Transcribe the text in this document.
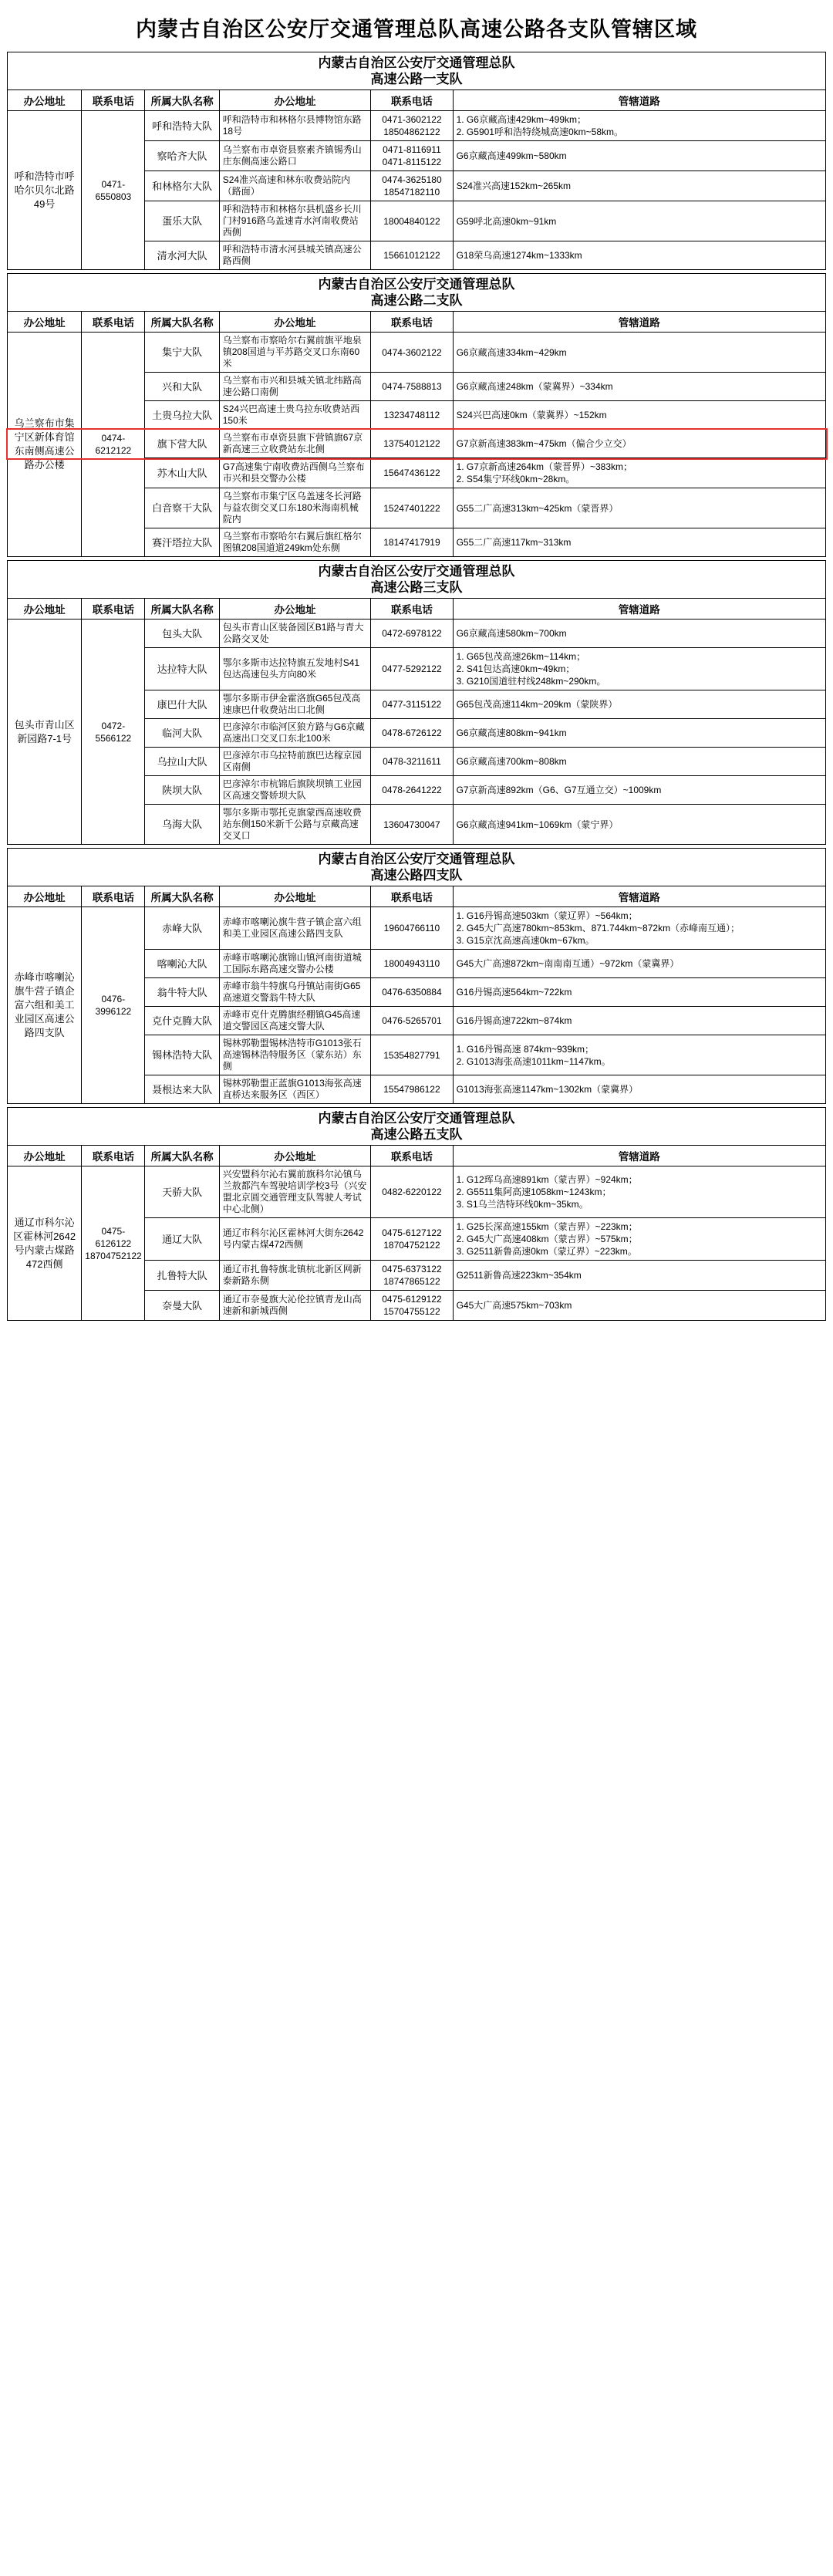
内蒙古自治区公安厅交通管理总队高速公路各支队管辖区域
内蒙古自治区公安厅交通管理总队
高速公路一支队					
办公地址	联系电话	所属大队名称	办公地址	联系电话	管辖道路
呼和浩特市呼哈尔贝尔北路49号	0471-6550803	呼和浩特大队	呼和浩特市和林格尔县博物馆东路18号	0471-3602122
18504862122	1. G6京藏高速429km~499km；
2. G5901呼和浩特绕城高速0km~58km。
		察哈齐大队	乌兰察布市卓资县察素齐镇锡秀山庄东侧高速公路口	0471-8116911
0471-8115122	G6京藏高速499km~580km
		和林格尔大队	S24准兴高速和林东收费站院内（路面）	0474-3625180
18547182110	S24准兴高速152km~265km
		蛋乐大队	呼和浩特市和林格尔县机盛乡长川门村916路乌盖速青水河南收费站西侧	18004840122	G59呼北高速0km~91km
		清水河大队	呼和浩特市清水河县城关镇高速公路西侧	15661012122	G18荣乌高速1274km~1333km
内蒙古自治区公安厅交通管理总队
高速公路二支队					
办公地址	联系电话	所属大队名称	办公地址	联系电话	管辖道路
乌兰察布市集宁区新体育馆东南侧高速公路办公楼	0474-6212122	集宁大队	乌兰察布市察哈尔右翼前旗平地泉镇208国道与平苏路交叉口东南60米	0474-3602122	G6京藏高速334km~429km
		兴和大队	乌兰察布市兴和县城关镇北纬路高速公路口南侧	0474-7588813	G6京藏高速248km（蒙冀界）~334km
		土贵乌拉大队	S24兴巴高速土贵乌拉东收费站西150米	13234748112	S24兴巴高速0km（蒙冀界）~152km
		旗下营大队	乌兰察布市卓资县旗下营镇旗67京新高速三立收费站东北侧	13754012122	G7京新高速383km~475km（偏合少立交）
		苏木山大队	G7高速集宁南收费站西侧乌兰察布市兴和县交警办公楼	15647436122	1. G7京新高速264km（蒙晋界）~383km；
2. S54集宁环线0km~28km。
		白音察干大队	乌兰察布市集宁区乌盖速冬长河路与益农街交叉口东180米海南机械院内	15247401222	G55二广高速313km~425km（蒙晋界）
		赛汗塔拉大队	乌兰察布市察哈尔右翼后旗红格尔图镇208国道道249km处东侧	18147417919	G55二广高速117km~313km
内蒙古自治区公安厅交通管理总队
高速公路三支队					
办公地址	联系电话	所属大队名称	办公地址	联系电话	管辖道路
包头市青山区新园路7-1号	0472-5566122	包头大队	包头市青山区装备园区B1路与青大公路交叉处	0472-6978122	G6京藏高速580km~700km
		达拉特大队	鄂尔多斯市达拉特旗五发地村S41包达高速包头方向80米	0477-5292122	1. G65包茂高速26km~114km；
2. S41包达高速0km~49km；
3. G210国道驻村线248km~290km。
		康巴什大队	鄂尔多斯市伊金霍洛旗G65包茂高速康巴什收费站出口北侧	0477-3115122	G65包茂高速114km~209km（蒙陕界）
		临河大队	巴彦淖尔市临河区狼方路与G6京藏高速出口交叉口东北100米	0478-6726122	G6京藏高速808km~941km
		乌拉山大队	巴彦淖尔市乌拉特前旗巴达稼京园区南侧	0478-3211611	G6京藏高速700km~808km
		陕坝大队	巴彦淖尔市杭锦后旗陕坝镇工业园区高速交警娇坝大队	0478-2641222	G7京新高速892km（G6、G7互通立交）~1009km
		乌海大队	鄂尔多斯市鄂托克旗蒙西高速收费站东侧150米新千公路与京藏高速交叉口	13604730047	G6京藏高速941km~1069km（蒙宁界）
内蒙古自治区公安厅交通管理总队
高速公路四支队					
办公地址	联系电话	所属大队名称	办公地址	联系电话	管辖道路
赤峰市喀喇沁旗牛营子镇企富六组和美工业园区高速公路四支队	0476-3996122	赤峰大队	赤峰市喀喇沁旗牛营子镇企富六组和美工业园区高速公路四支队	19604766110	1. G16丹锡高速503km（蒙辽界）~564km；
2. G45大广高速780km~853km、871.744km~872km（赤峰南互通）；
3. G15京沈高速高速0km~67km。
		喀喇沁大队	赤峰市喀喇沁旗锦山镇河南街道城工国际东路高速交警办公楼	18004943110	G45大广高速872km~南南南互通）~972km（蒙冀界）
		翁牛特大队	赤峰市翁牛特旗乌丹镇站南街G65高速道交警翁牛特大队	0476-6350884	G16丹锡高速564km~722km
		克什克腾大队	赤峰市克什克腾旗经棚镇G45高速道交警园区高速交警大队	0476-5265701	G16丹锡高速722km~874km
		锡林浩特大队	锡林郭勒盟锡林浩特市G1013张石高速锡林浩特服务区（蒙东站）东侧	15354827791	1. G16丹锡高速 874km~939km；
2. G1013海张高速1011km~1147km。
		聂根达来大队	锡林郭勒盟正蓝旗G1013海张高速直桥达来服务区（西区）	15547986122	G1013海张高速1147km~1302km（蒙冀界）
内蒙古自治区公安厅交通管理总队
高速公路五支队					
办公地址	联系电话	所属大队名称	办公地址	联系电话	管辖道路
通辽市科尔沁区霍林河2642号内蒙古煤路472西侧	0475-6126122
18704752122	天骄大队	兴安盟科尔沁右翼前旗科尔沁镇乌兰敖都汽车驾驶培训学校3号（兴安盟北京圆交通管理支队驾驶人考试中心北侧）	0482-6220122	1. G12珲乌高速891km（蒙吉界）~924km；
2. G5511集阿高速1058km~1243km；
3. S1乌兰浩特环线0km~35km。
		通辽大队	通辽市科尔沁区霍林河大街东2642号内蒙古煤472西侧	0475-6127122
18704752122	1. G25长深高速155km（蒙吉界）~223km；
2. G45大广高速408km（蒙吉界）~575km；
3. G2511新鲁高速0km（蒙辽界）~223km。
		扎鲁特大队	通辽市扎鲁特旗北镇杭北新区网新泰新路东侧	0475-6373122
18747865122	G2511新鲁高速223km~354km
		奈曼大队	通辽市奈曼旗大沁伦拉镇青龙山高速新和新城西侧	0475-6129122
15704755122	G45大广高速575km~703km
